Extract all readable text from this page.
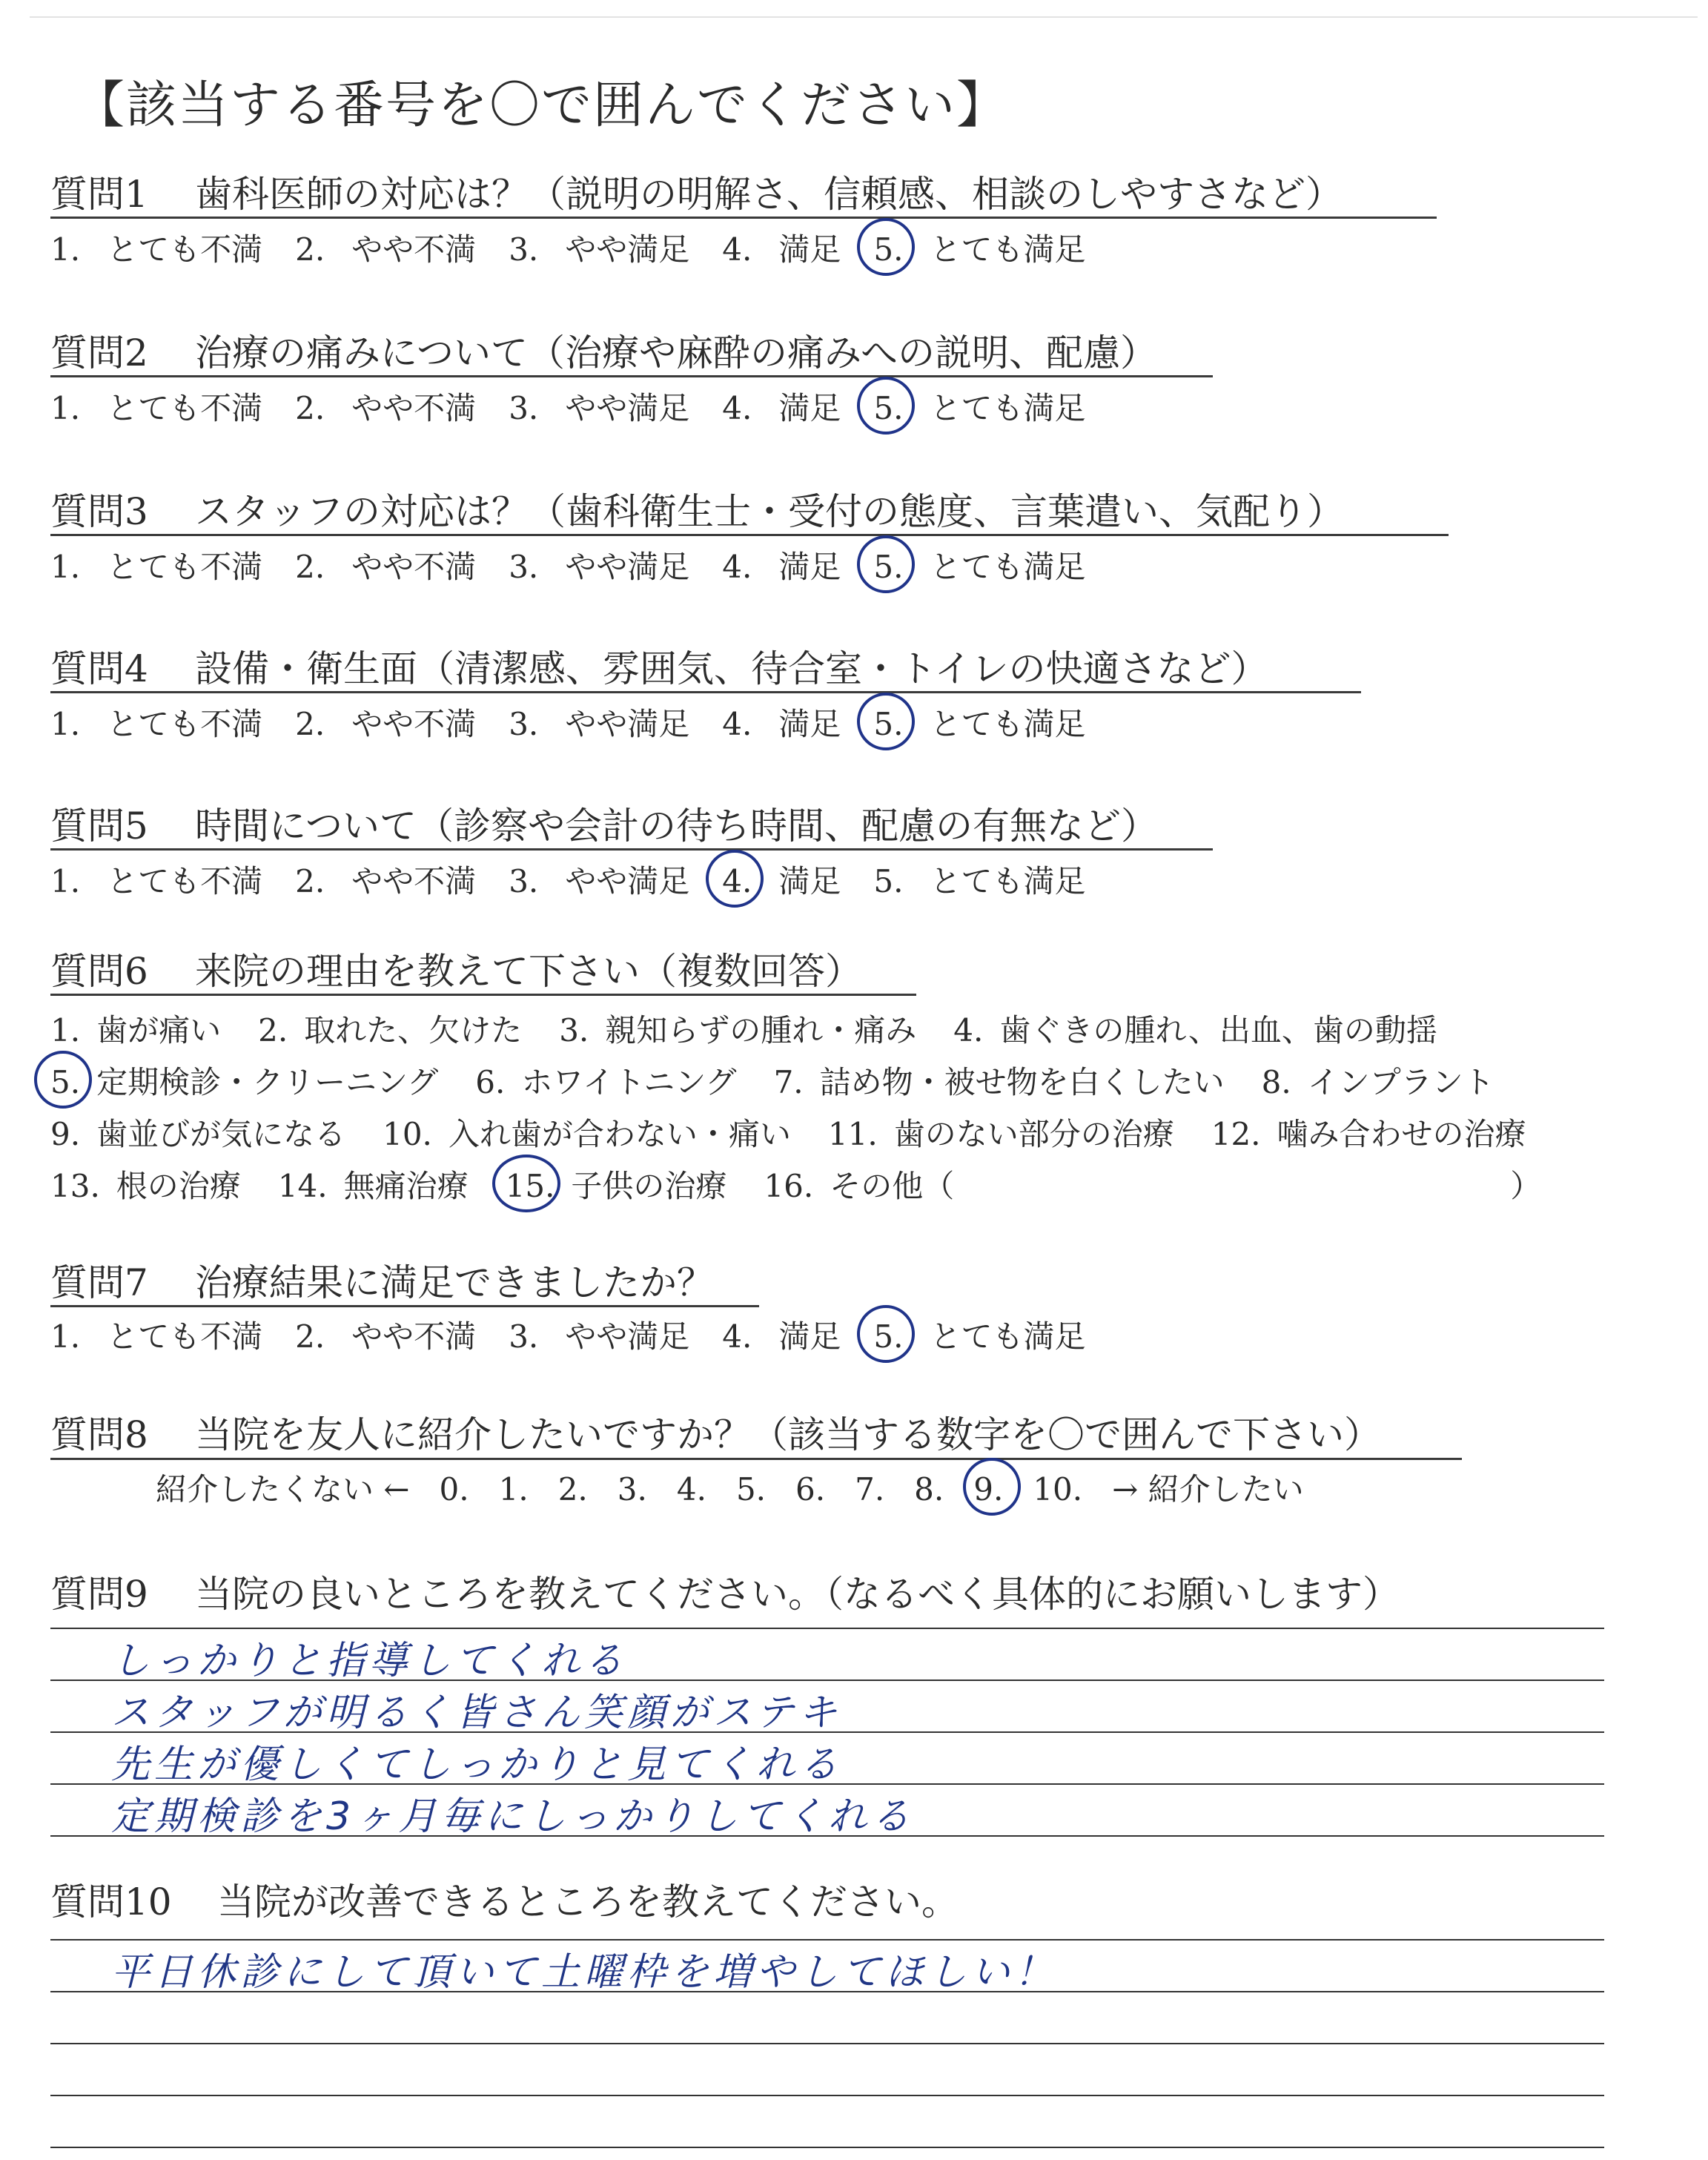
【該当する番号を〇で囲んでください】
質問1	歯科医師の対応は？（説明の明解さ、信頼感、相談のしやすさなど）
1. とても不満 2. やや不満 3. やや満足 4. 満足 5. とても満足
質問2	治療の痛みについて（治療や麻酔の痛みへの説明、配慮）
1. とても不満 2. やや不満 3. やや満足 4. 満足 5. とても満足
質問3	スタッフの対応は？（歯科衛生士・受付の態度、言葉遣い、気配り）
1. とても不満 2. やや不満 3. やや満足 4. 満足 5. とても満足
質問4	設備・衛生面（清潔感、雰囲気、待合室・トイレの快適さなど）
1. とても不満 2. やや不満 3. やや満足 4. 満足 5. とても満足
質問5	時間について（診察や会計の待ち時間、配慮の有無など）
1. とても不満 2. やや不満 3. やや満足 4. 満足 5. とても満足
質問6	来院の理由を教えて下さい（複数回答）
1. 歯が痛い 2. 取れた、欠けた 3. 親知らずの腫れ・痛み 4. 歯ぐきの腫れ、出血、歯の動揺
5. 定期検診・クリーニング 6. ホワイトニング 7. 詰め物・被せ物を白くしたい 8. インプラント
9. 歯並びが気になる 10. 入れ歯が合わない・痛い 11. 歯のない部分の治療 12. 噛み合わせの治療
13. 根の治療 14. 無痛治療 15. 子供の治療 16. その他（	）
質問7	治療結果に満足できましたか？
1. とても不満 2. やや不満 3. やや満足 4. 満足 5. とても満足
質問8	当院を友人に紹介したいですか？（該当する数字を〇で囲んで下さい）
紹介したくない ← 0. 1. 2. 3. 4. 5. 6. 7. 8. 9. 10. → 紹介したい
質問9	当院の良いところを教えてください。（なるべく具体的にお願いします）
しっかりと指導してくれる
スタッフが明るく皆さん笑顔がステキ
先生が優しくてしっかりと見てくれる
定期検診を3ヶ月毎にしっかりしてくれる
質問10	当院が改善できるところを教えてください。
平日休診にして頂いて土曜枠を増やしてほしい！
